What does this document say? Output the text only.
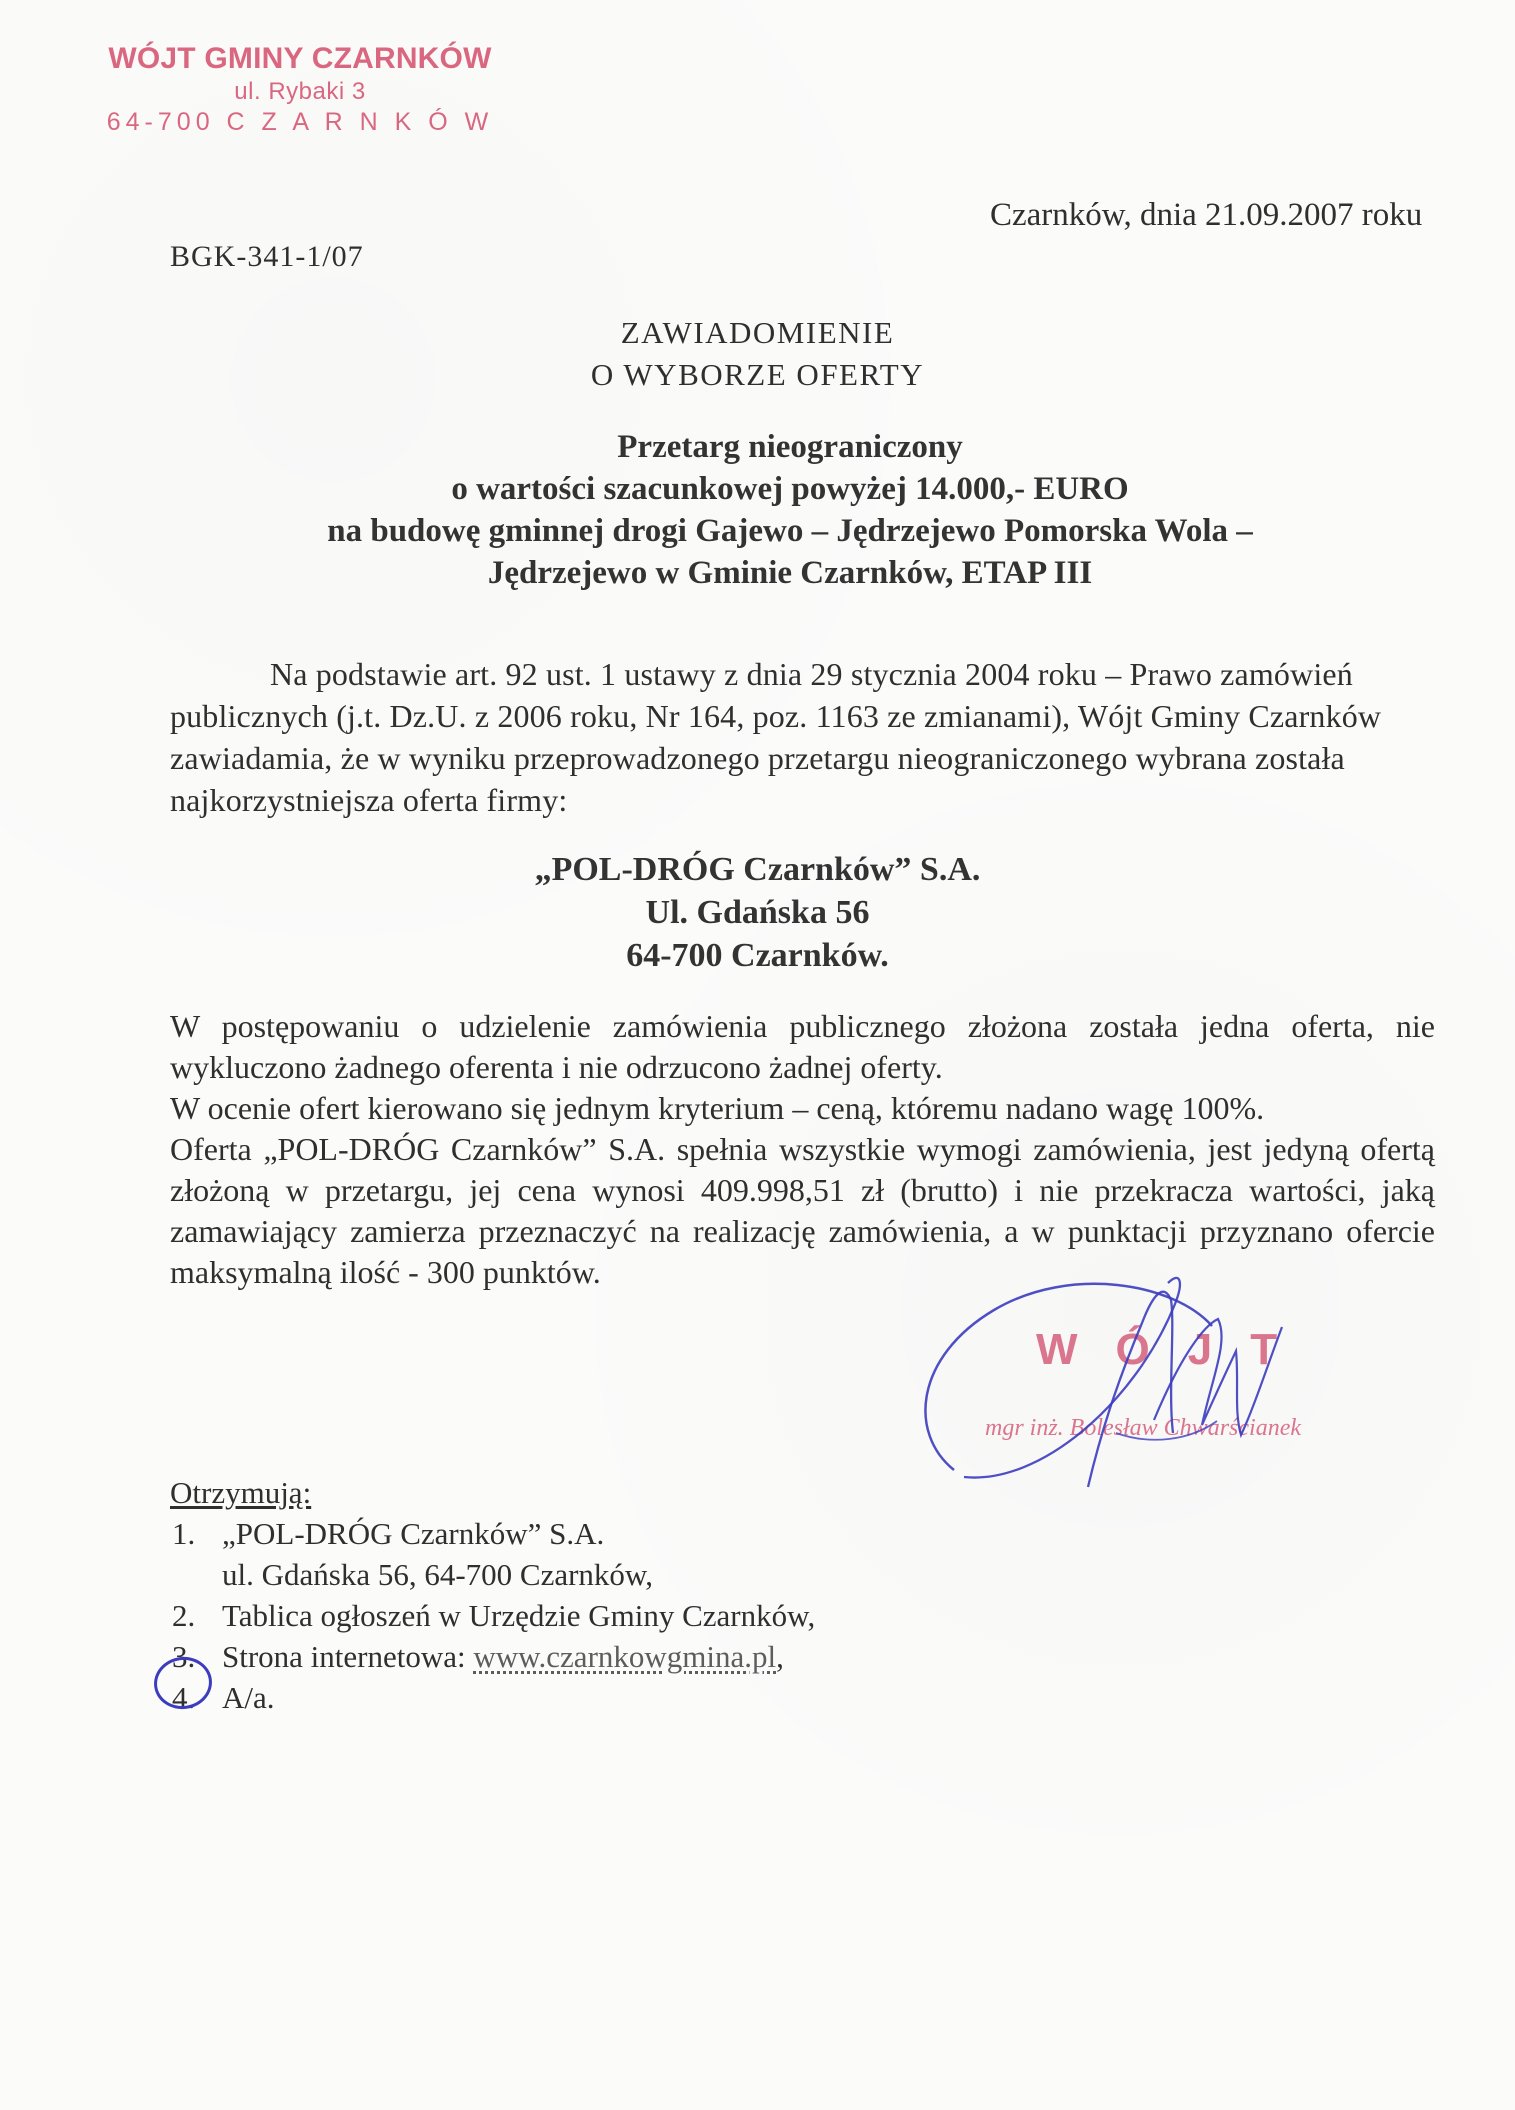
WÓJT GMINY CZARNKÓW
ul. Rybaki 3
64-700 C Z A R N K Ó W
Czarnków, dnia 21.09.2007 roku
BGK-341-1/07
ZAWIADOMIENIE
O WYBORZE OFERTY
Przetarg nieograniczony
o wartości szacunkowej powyżej 14.000,- EURO
na budowę gminnej drogi Gajewo – Jędrzejewo Pomorska Wola –
Jędrzejewo w Gminie Czarnków, ETAP III
Na podstawie art. 92 ust. 1 ustawy z dnia 29 stycznia 2004 roku – Prawo zamówień publicznych (j.t. Dz.U. z 2006 roku, Nr 164, poz. 1163 ze zmianami), Wójt Gminy Czarnków zawiadamia, że w wyniku przeprowadzonego przetargu nieograniczonego wybrana została najkorzystniejsza oferta firmy:
„POL-DRÓG Czarnków” S.A.
Ul. Gdańska 56
64-700 Czarnków.

W postępowaniu o udzielenie zamówienia publicznego złożona została jedna oferta, nie wykluczono żadnego oferenta i nie odrzucono żadnej oferty.

W ocenie ofert kierowano się jednym kryterium – ceną, któremu nadano wagę 100%.

Oferta „POL-DRÓG Czarnków” S.A. spełnia wszystkie wymogi zamówienia, jest jedyną ofertą złożoną w przetargu, jej cena wynosi 409.998,51 zł (brutto) i nie przekracza wartości, jaką zamawiający zamierza przeznaczyć na realizację zamówienia, a w punktacji przyznano ofercie maksymalną ilość - 300 punktów.

WÓJT
mgr inż. Bolesław Chwarścianek
Otrzymują:
1. „POL-DRÓG Czarnków” S.A.
ul. Gdańska 56, 64-700 Czarnków,
2. Tablica ogłoszeń w Urzędzie Gminy Czarnków,
3. Strona internetowa: www.czarnkowgmina.pl,
4. A/a.
